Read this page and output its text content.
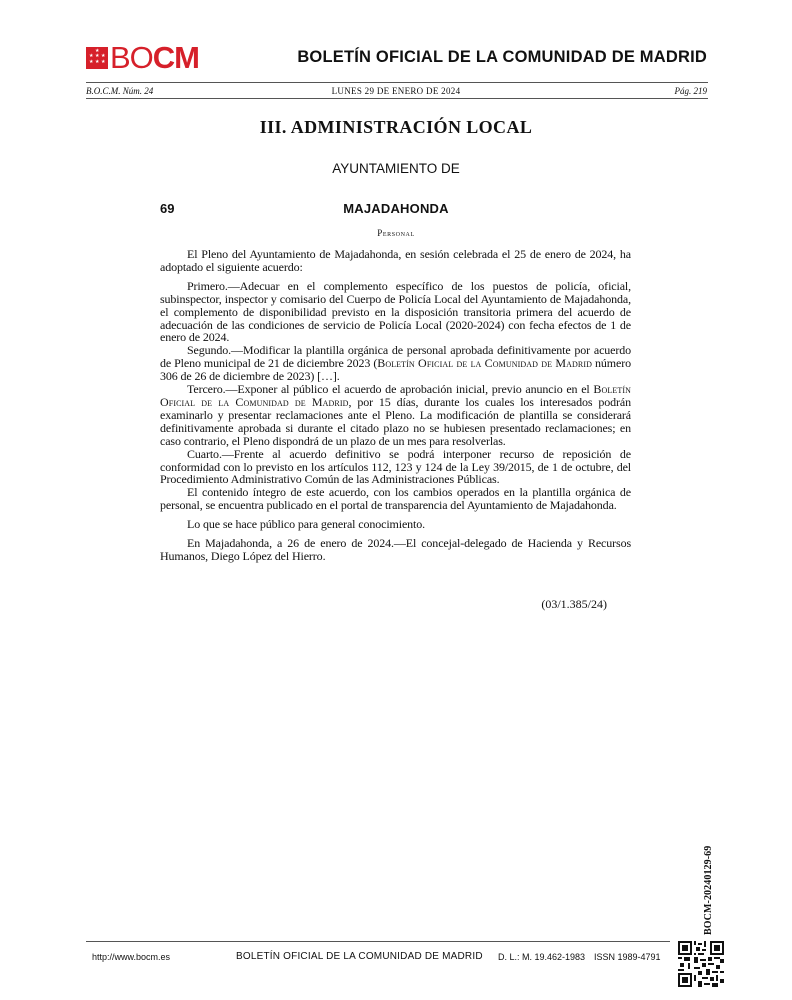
★ ★ ★
★ ★ ★
★ BOCM	BOLETÍN OFICIAL DE LA COMUNIDAD DE MADRID
B.O.C.M. Núm. 24	LUNES 29 DE ENERO DE 2024	Pág. 219
III. ADMINISTRACIÓN LOCAL
AYUNTAMIENTO DE
69	MAJADAHONDA
Personal

El Pleno del Ayuntamiento de Majadahonda, en sesión celebrada el 25 de enero de 2024, ha adoptado el siguiente acuerdo:

Primero.—Adecuar en el complemento específico de los puestos de policía, oficial, subinspector, inspector y comisario del Cuerpo de Policía Local del Ayuntamiento de Majadahonda, el complemento de disponibilidad previsto en la disposición transitoria primera del acuerdo de adecuación de las condiciones de servicio de Policía Local (2020-2024) con fecha efectos de 1 de enero de 2024.

Segundo.—Modificar la plantilla orgánica de personal aprobada definitivamente por acuerdo de Pleno municipal de 21 de diciembre 2023 (Boletín Oficial de la Comunidad de Madrid número 306 de 26 de diciembre de 2023) […].

Tercero.—Exponer al público el acuerdo de aprobación inicial, previo anuncio en el Boletín Oficial de la Comunidad de Madrid, por 15 días, durante los cuales los interesados podrán examinarlo y presentar reclamaciones ante el Pleno. La modificación de plantilla se considerará definitivamente aprobada si durante el citado plazo no se hubiesen presentado reclamaciones; en caso contrario, el Pleno dispondrá de un plazo de un mes para resolverlas.

Cuarto.—Frente al acuerdo definitivo se podrá interponer recurso de reposición de conformidad con lo previsto en los artículos 112, 123 y 124 de la Ley 39/2015, de 1 de octubre, del Procedimiento Administrativo Común de las Administraciones Públicas.

El contenido íntegro de este acuerdo, con los cambios operados en la plantilla orgánica de personal, se encuentra publicado en el portal de transparencia del Ayuntamiento de Majadahonda.

Lo que se hace público para general conocimiento.

En Majadahonda, a 26 de enero de 2024.—El concejal-delegado de Hacienda y Recursos Humanos, Diego López del Hierro.

(03/1.385/24)
BOCM-20240129-69
http://www.bocm.es	BOLETÍN OFICIAL DE LA COMUNIDAD DE MADRID D. L.: M. 19.462-1983 ISSN 1989-4791
